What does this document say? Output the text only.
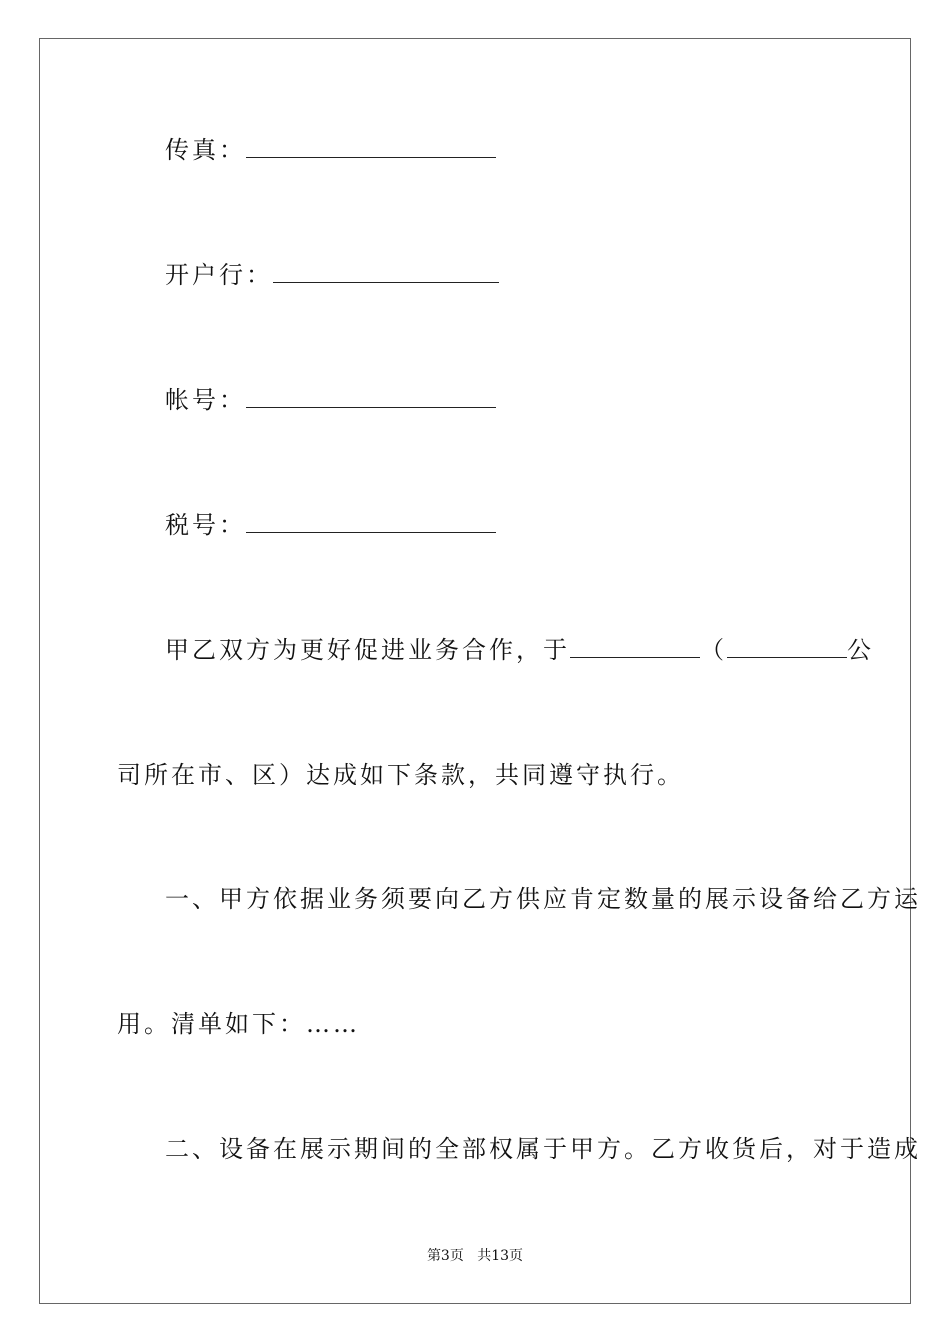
传真：
开户行：
帐号：
税号：
甲乙双方为更好促进业务合作，于	（	公
司所在市、区）达成如下条款，共同遵守执行。
一、甲方依据业务须要向乙方供应肯定数量的展示设备给乙方运
用。清单如下：……
二、设备在展示期间的全部权属于甲方。乙方收货后，对于造成
第3页 共13页
